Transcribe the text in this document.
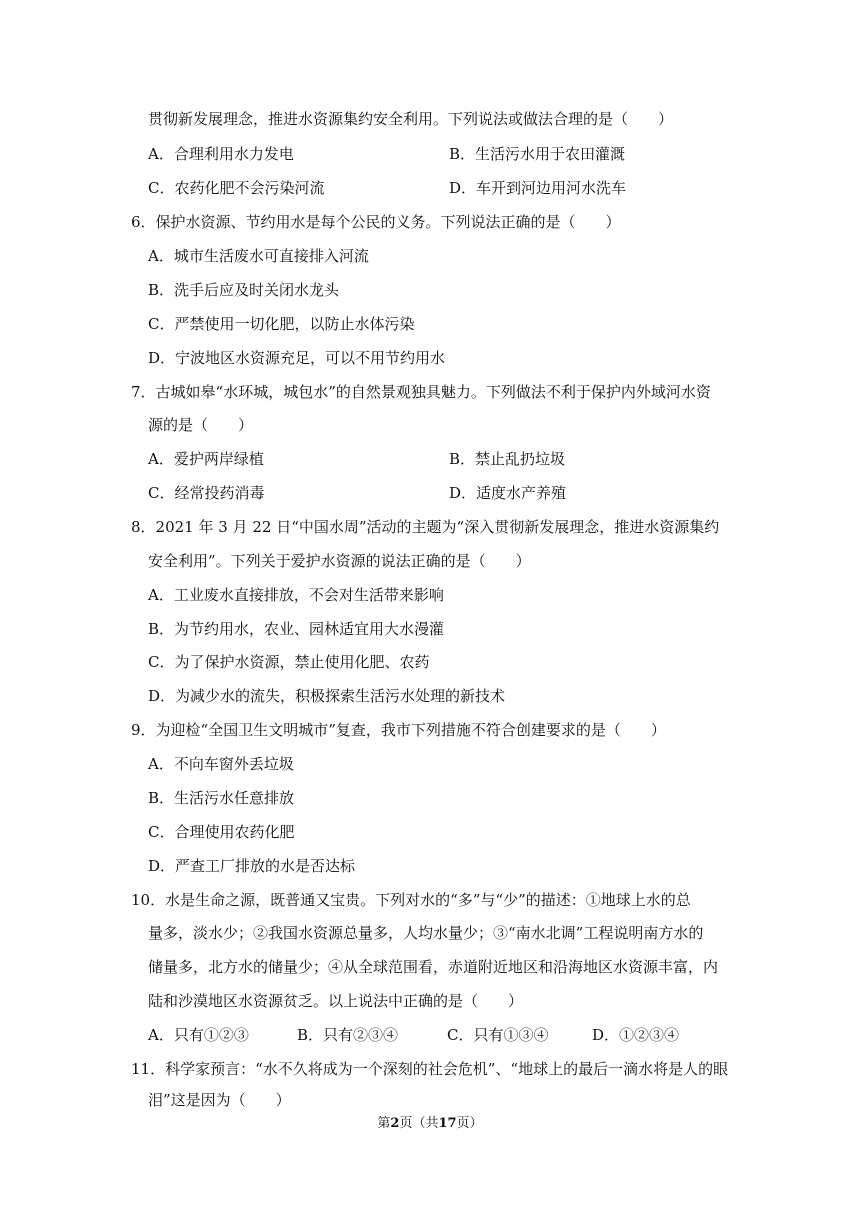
贯彻新发展理念，推进水资源集约安全利用。下列说法或做法合理的是（　　）
A．合理利用水力发电	B．生活污水用于农田灌溉
C．农药化肥不会污染河流	D．车开到河边用河水洗车
6．保护水资源、节约用水是每个公民的义务。下列说法正确的是（　　）
A．城市生活废水可直接排入河流
B．洗手后应及时关闭水龙头
C．严禁使用一切化肥，以防止水体污染
D．宁波地区水资源充足，可以不用节约用水
7．古城如皋“水环城，城包水”的自然景观独具魅力。下列做法不利于保护内外域河水资
源的是（　　）
A．爱护两岸绿植	B．禁止乱扔垃圾
C．经常投药消毒	D．适度水产养殖
8．2021 年 3 月 22 日“中国水周”活动的主题为“深入贯彻新发展理念，推进水资源集约
安全利用”。下列关于爱护水资源的说法正确的是（　　）
A．工业废水直接排放，不会对生活带来影响
B．为节约用水，农业、园林适宜用大水漫灌
C．为了保护水资源，禁止使用化肥、农药
D．为减少水的流失，积极探索生活污水处理的新技术
9．为迎检“全国卫生文明城市”复查，我市下列措施不符合创建要求的是（　　）
A．不向车窗外丢垃圾
B．生活污水任意排放
C．合理使用农药化肥
D．严查工厂排放的水是否达标
10．水是生命之源，既普通又宝贵。下列对水的“多”与“少”的描述：①地球上水的总
量多，淡水少；②我国水资源总量多，人均水量少；③“南水北调”工程说明南方水的
储量多，北方水的储量少；④从全球范围看，赤道附近地区和沿海地区水资源丰富，内
陆和沙漠地区水资源贫乏。以上说法中正确的是（　　）
A．只有①②③	B．只有②③④	C．只有①③④	D．①②③④
11．科学家预言：“水不久将成为一个深刻的社会危机”、“地球上的最后一滴水将是人的眼
泪”这是因为（　　）
第2页（共17页）
